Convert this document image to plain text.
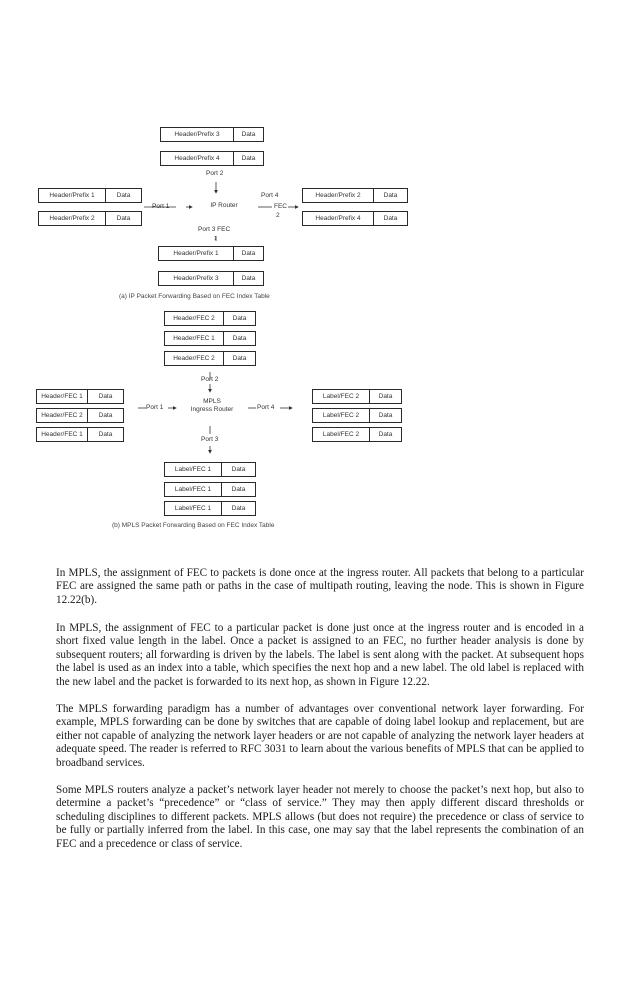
Header/Prefix 3	Data
Header/Prefix 4	Data
Port 2
Header/Prefix 1	Data
Header/Prefix 2	Data
Port 1	IP Router
Port 4
FEC
2
Header/Prefix 2	Data
Header/Prefix 4	Data
Port 3 FEC
1
Header/Prefix 1	Data
Header/Prefix 3	Data
(a) IP Packet Forwarding Based on FEC Index Table
Header/FEC 2	Data
Header/FEC 1	Data
Header/FEC 2	Data
Port 2
Header/FEC 1	Data
Header/FEC 2	Data
Header/FEC 1	Data
Port 1
MPLS
Ingress Router	Port 4
Label/FEC 2	Data
Label/FEC 2	Data
Label/FEC 2	Data
Port 3
Label/FEC 1	Data
Label/FEC 1	Data
Label/FEC 1	Data
(b) MPLS Packet Forwarding Based on FEC Index Table

In MPLS, the assignment of FEC to packets is done once at the ingress router. All packets that belong to a particular FEC are assigned the same path or paths in the case of multipath routing, leaving the node. This is shown in Figure 12.22(b).

In MPLS, the assignment of FEC to a particular packet is done just once at the ingress router and is encoded in a short fixed value length in the label. Once a packet is assigned to an FEC, no further header analysis is done by subsequent routers; all forwarding is driven by the labels. The label is sent along with the packet. At subsequent hops the label is used as an index into a table, which specifies the next hop and a new label. The old label is replaced with the new label and the packet is forwarded to its next hop, as shown in Figure 12.22.

The MPLS forwarding paradigm has a number of advantages over conventional network layer forwarding. For example, MPLS forwarding can be done by switches that are capable of doing label lookup and replacement, but are either not capable of analyzing the network layer headers or are not capable of analyzing the network layer headers at adequate speed. The reader is referred to RFC 3031 to learn about the various benefits of MPLS that can be applied to broadband services.

Some MPLS routers analyze a packet’s network layer header not merely to choose the packet’s next hop, but also to determine a packet’s “precedence” or “class of service.” They may then apply different discard thresholds or scheduling disciplines to different packets. MPLS allows (but does not require) the precedence or class of service to be fully or partially inferred from the label. In this case, one may say that the label represents the combination of an FEC and a precedence or class of service.
